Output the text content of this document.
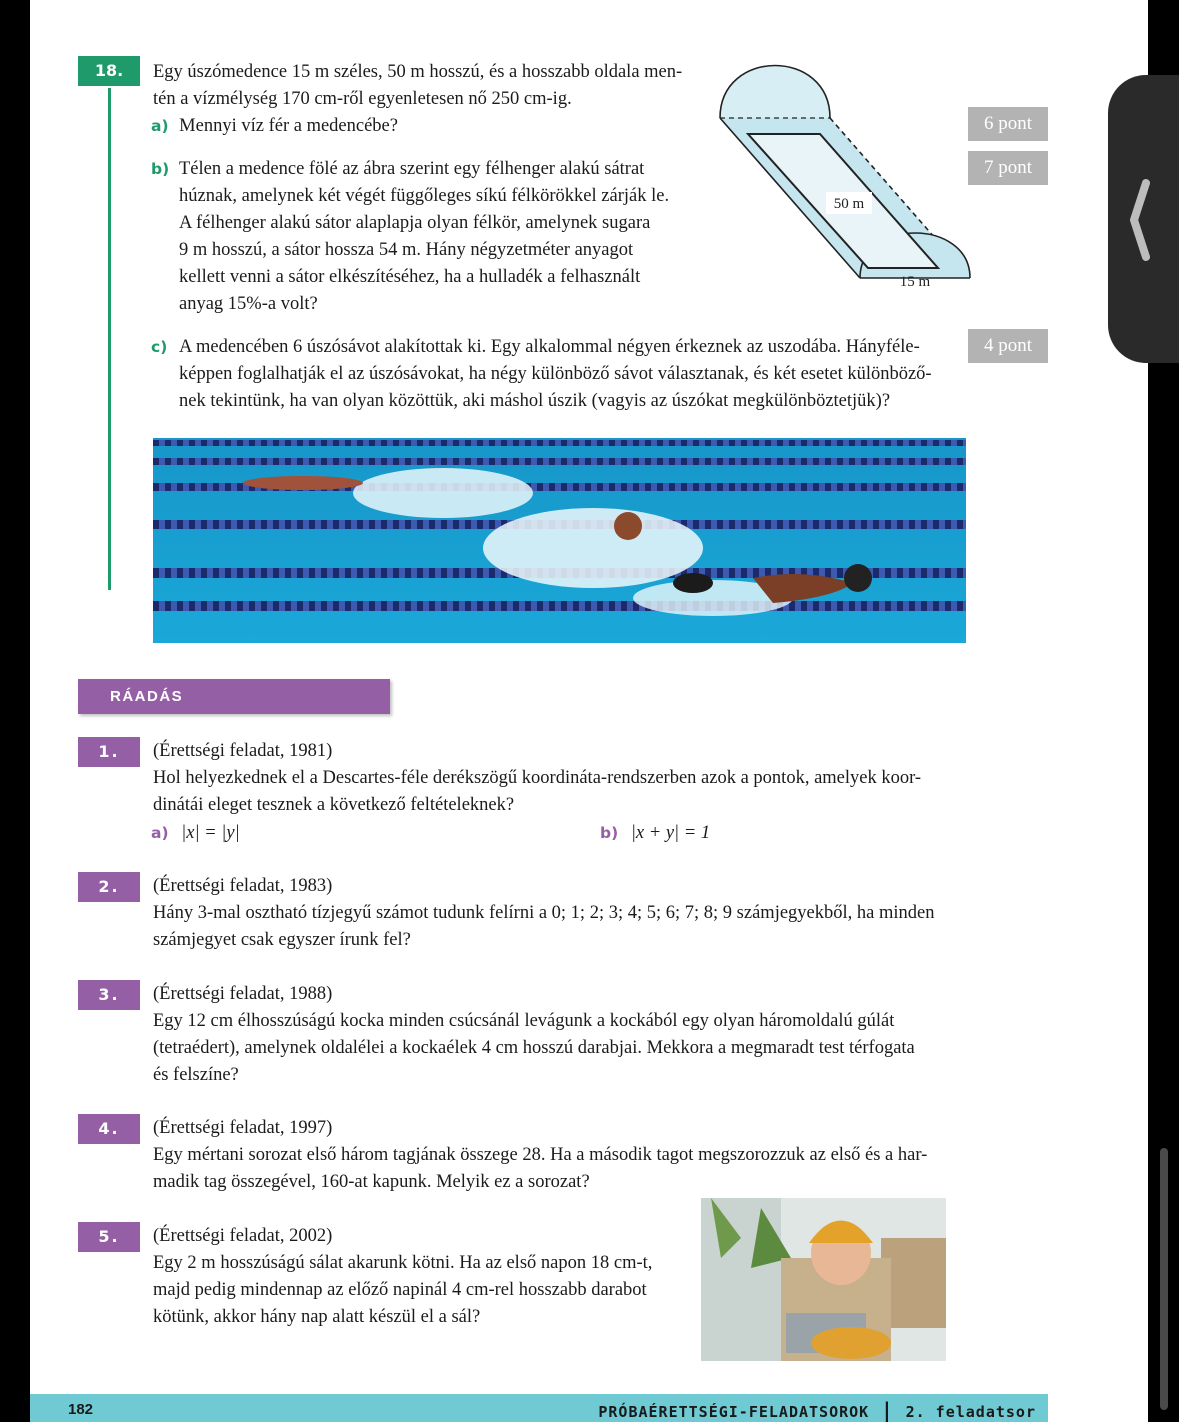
18.	Egy úszómedence 15 m széles, 50 m hosszú, és a hosszabb oldala men-
tén a vízmélység 170 cm-ről egyenletesen nő 250 cm-ig.
a) Mennyi víz fér a medencébe?	6 pont
b) Télen a medence fölé az ábra szerint egy félhenger alakú sátrat
húznak, amelynek két végét függőleges síkú félkörökkel zárják le.
A félhenger alakú sátor alaplapja olyan félkör, amelynek sugara
9 m hosszú, a sátor hossza 54 m. Hány négyzetméter anyagot
kellett venni a sátor elkészítéséhez, ha a hulladék a felhasznált
anyag 15%-a volt?
7 pont
50 m
15 m
c) A medencében 6 úszósávot alakítottak ki. Egy alkalommal négyen érkeznek az uszodába. Hányféle-
képpen foglalhatják el az úszósávokat, ha négy különböző sávot választanak, és két esetet különböző-
nek tekintünk, ha van olyan közöttük, aki máshol úszik (vagyis az úszókat megkülönböztetjük)?
4 pont
RÁADÁS
1.	(Érettségi feladat, 1981)
Hol helyezkednek el a Descartes-féle derékszögű koordináta-rendszerben azok a pontok, amelyek koor-
dinátái eleget tesznek a következő feltételeknek?
a) |x| = |y|	b) |x + y| = 1
2.	(Érettségi feladat, 1983)
Hány 3-mal osztható tízjegyű számot tudunk felírni a 0; 1; 2; 3; 4; 5; 6; 7; 8; 9 számjegyekből, ha minden
számjegyet csak egyszer írunk fel?
3.	(Érettségi feladat, 1988)
Egy 12 cm élhosszúságú kocka minden csúcsánál levágunk a kockából egy olyan háromoldalú gúlát
(tetraédert), amelynek oldalélei a kockaélek 4 cm hosszú darabjai. Mekkora a megmaradt test térfogata
és felszíne?
4.	(Érettségi feladat, 1997)
Egy mértani sorozat első három tagjának összege 28. Ha a második tagot megszorozzuk az első és a har-
madik tag összegével, 160-at kapunk. Melyik ez a sorozat?
5.	(Érettségi feladat, 2002)
Egy 2 m hosszúságú sálat akarunk kötni. Ha az első napon 18 cm-t,
majd pedig mindennap az előző napinál 4 cm-rel hosszabb darabot
kötünk, akkor hány nap alatt készül el a sál?
182	PRÓBAÉRETTSÉGI-FELADATSOROK | 2. feladatsor
